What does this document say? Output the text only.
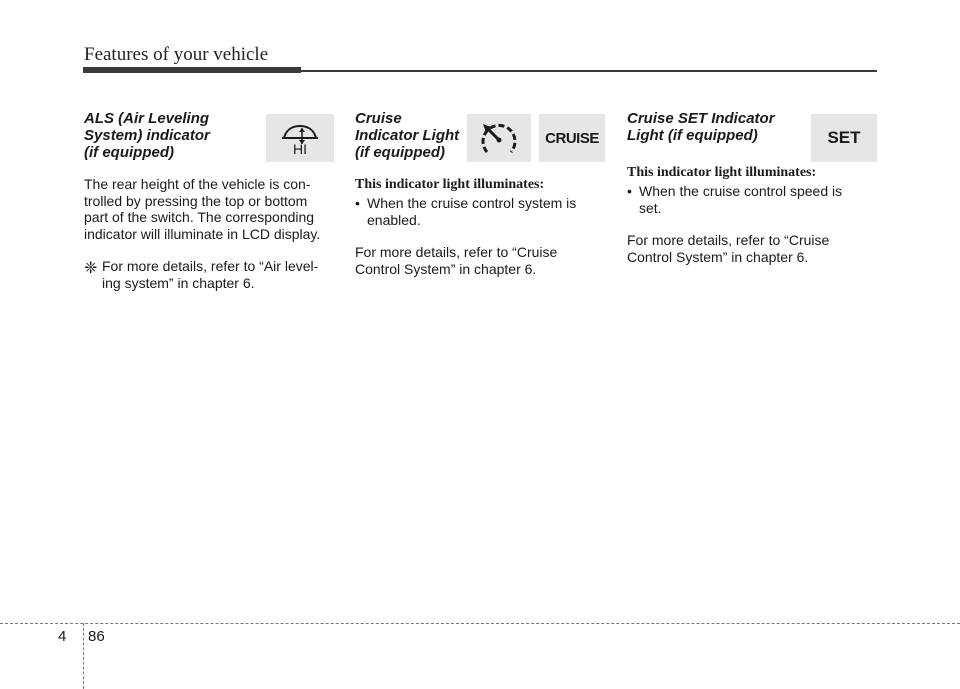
Features of your vehicle
ALS (Air Leveling
System) indicator
(if equipped)	HI

The rear height of the vehicle is con-
trolled by pressing the top or bottom
part of the switch. The corresponding
indicator will illuminate in LCD display.

❈ For more details, refer to “Air level-
ing system” in chapter 6.
Cruise
Indicator Light
(if equipped)
CRUISE

This indicator light illuminates:

• When the cruise control system is
enabled.

For more details, refer to “Cruise
Control System” in chapter 6.

Cruise SET Indicator
Light (if equipped)	SET

This indicator light illuminates:

• When the cruise control speed is
set.

For more details, refer to “Cruise
Control System” in chapter 6.

4 86
